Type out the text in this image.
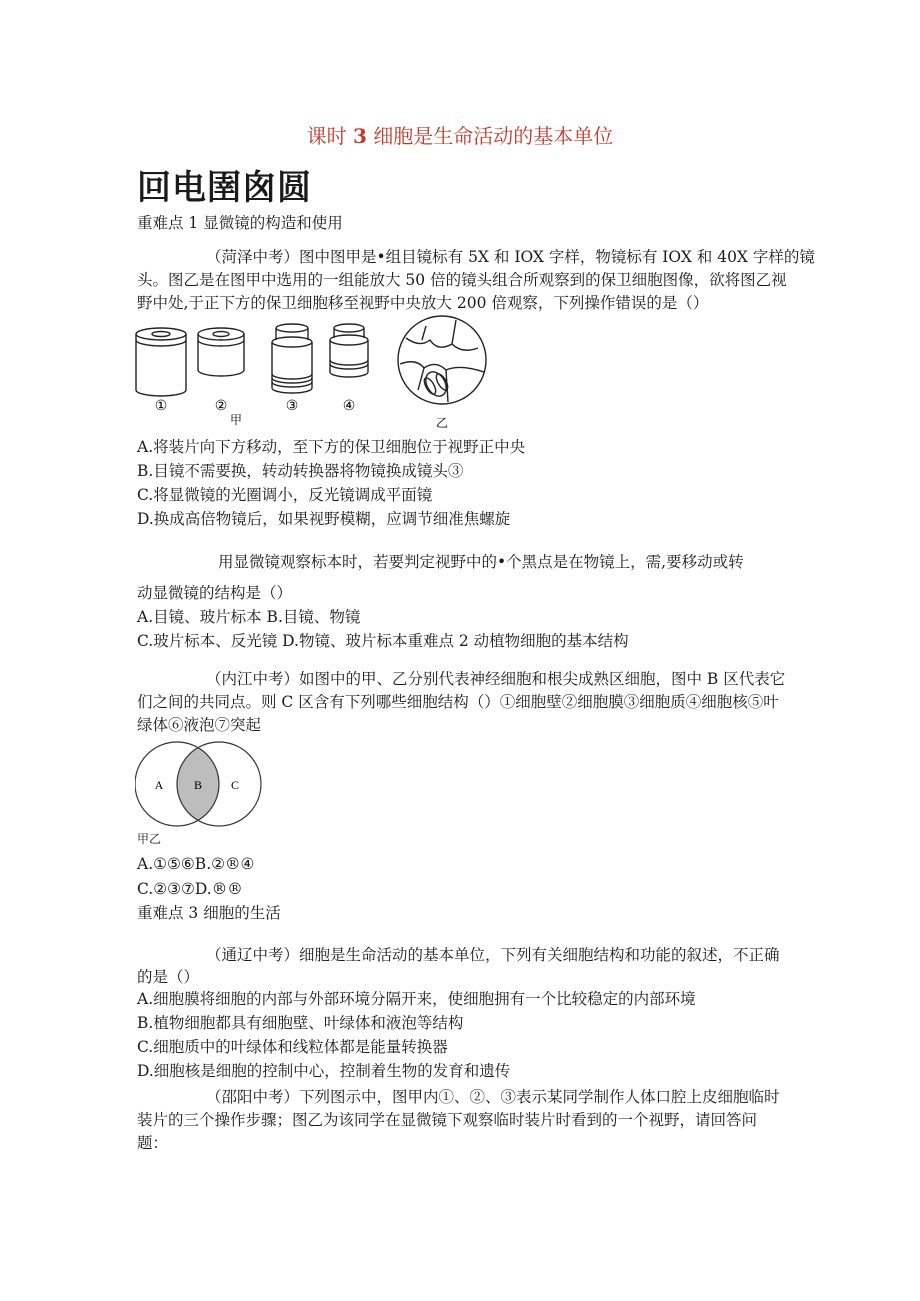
课时 3 细胞是生命活动的基本单位
回电圉囪圆
重难点 1 显微镜的构造和使用
（菏泽中考）图中图甲是•组目镜标有 5X 和 IOX 字样，物镜标有 IOX 和 40X 字样的镜
头。图乙是在图甲中选用的一组能放大 50 倍的镜头组合所观察到的保卫细胞图像，欲将图乙视
野中处,于正下方的保卫细胞移至视野中央放大 200 倍观察，下列操作错误的是（）
①	②	③	④
甲	乙
A.将装片向下方移动，至下方的保卫细胞位于视野正中央
B.目镜不需要换，转动转换器将物镜换成镜头③
C.将显微镜的光圈调小，反光镜调成平面镜
D.换成高倍物镜后，如果视野模糊，应调节细准焦螺旋
用显微镜观察标本时，若要判定视野中的•个黑点是在物镜上，需,要移动或转
动显微镜的结构是（）
A.目镜、玻片标本 B.目镜、物镜
C.玻片标本、反光镜 D.物镜、玻片标本重难点 2 动植物细胞的基本结构
（内江中考）如图中的甲、乙分别代表神经细胞和根尖成熟区细胞，图中 B 区代表它
们之间的共同点。则 C 区含有下列哪些细胞结构（）①细胞壁②细胞膜③细胞质④细胞核⑤叶
绿体⑥液泡⑦突起
A	B C
甲乙
A.①⑤⑥B.②®④
C.②③⑦D.®®
重难点 3 细胞的生活
（通辽中考）细胞是生命活动的基本单位，下列有关细胞结构和功能的叙述，不正确
的是（）
A.细胞膜将细胞的内部与外部环境分隔开来，使细胞拥有一个比较稳定的内部环境
B.植物细胞都具有细胞壁、叶绿体和液泡等结构
C.细胞质中的叶绿体和线粒体都是能量转换器
D.细胞核是细胞的控制中心，控制着生物的发育和遗传
（邵阳中考）下列图示中，图甲内①、②、③表示某同学制作人体口腔上皮细胞临时
装片的三个操作步骤；图乙为该同学在显微镜下观察临时装片时看到的一个视野，请回答问
题：
